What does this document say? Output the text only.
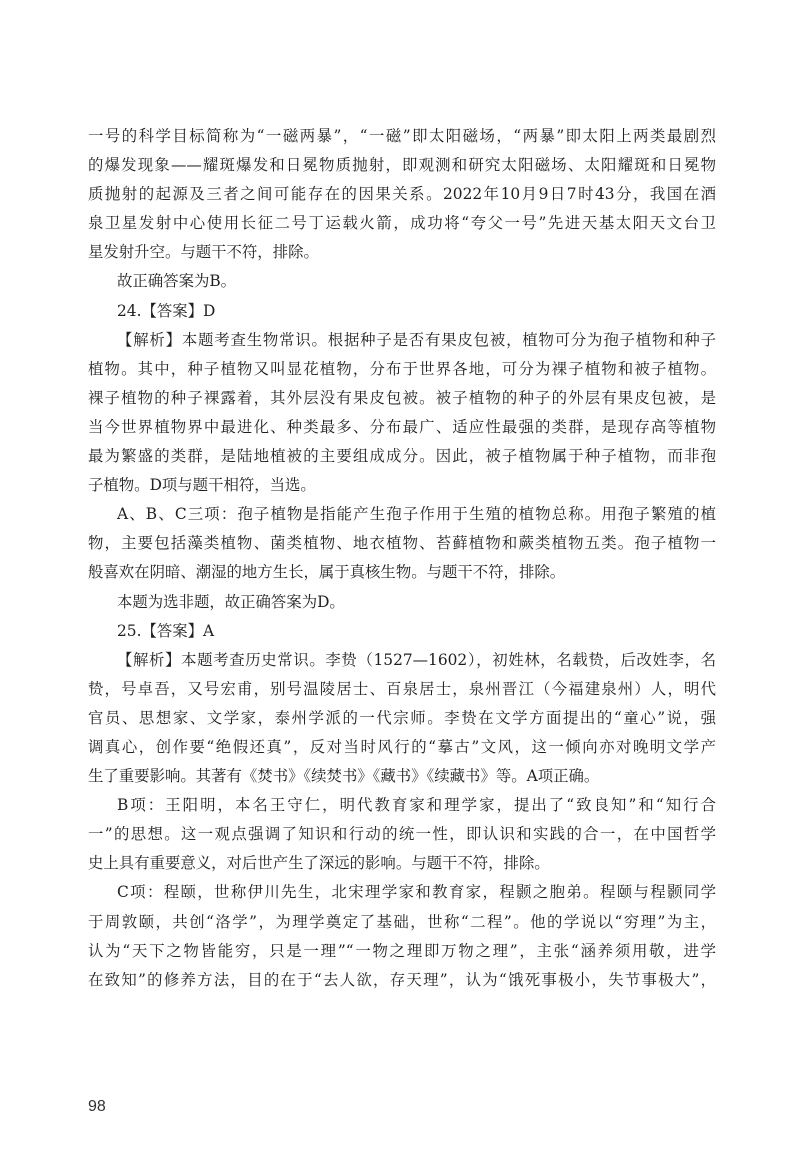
一号的科学目标简称为“一磁两暴”，“一磁”即太阳磁场，“两暴”即太阳上两类最剧烈
的爆发现象——耀斑爆发和日冕物质抛射，即观测和研究太阳磁场、太阳耀斑和日冕物
质抛射的起源及三者之间可能存在的因果关系。2022年10月9日7时43分，我国在酒
泉卫星发射中心使用长征二号丁运载火箭，成功将“夸父一号”先进天基太阳天文台卫
星发射升空。与题干不符，排除。
故正确答案为B。
24.【答案】D
【解析】本题考查生物常识。根据种子是否有果皮包被，植物可分为孢子植物和种子
植物。其中，种子植物又叫显花植物，分布于世界各地，可分为裸子植物和被子植物。
裸子植物的种子裸露着，其外层没有果皮包被。被子植物的种子的外层有果皮包被，是
当今世界植物界中最进化、种类最多、分布最广、适应性最强的类群，是现存高等植物
最为繁盛的类群，是陆地植被的主要组成成分。因此，被子植物属于种子植物，而非孢
子植物。D项与题干相符，当选。
A、B、C三项：孢子植物是指能产生孢子作用于生殖的植物总称。用孢子繁殖的植
物，主要包括藻类植物、菌类植物、地衣植物、苔藓植物和蕨类植物五类。孢子植物一
般喜欢在阴暗、潮湿的地方生长，属于真核生物。与题干不符，排除。
本题为选非题，故正确答案为D。
25.【答案】A
【解析】本题考查历史常识。李贽（1527—1602），初姓林，名载贽，后改姓李，名
贽，号卓吾，又号宏甫，别号温陵居士、百泉居士，泉州晋江（今福建泉州）人，明代
官员、思想家、文学家，泰州学派的一代宗师。李贽在文学方面提出的“童心”说，强
调真心，创作要“绝假还真”，反对当时风行的“摹古”文风，这一倾向亦对晚明文学产
生了重要影响。其著有《焚书》《续焚书》《藏书》《续藏书》等。A项正确。
B项：王阳明，本名王守仁，明代教育家和理学家，提出了“致良知”和“知行合
一”的思想。这一观点强调了知识和行动的统一性，即认识和实践的合一，在中国哲学
史上具有重要意义，对后世产生了深远的影响。与题干不符，排除。
C项：程颐，世称伊川先生，北宋理学家和教育家，程颢之胞弟。程颐与程颢同学
于周敦颐，共创“洛学”，为理学奠定了基础，世称“二程”。他的学说以“穷理”为主，
认为“天下之物皆能穷，只是一理”“一物之理即万物之理”，主张“涵养须用敬，进学
在致知”的修养方法，目的在于“去人欲，存天理”，认为“饿死事极小，失节事极大”，
98
